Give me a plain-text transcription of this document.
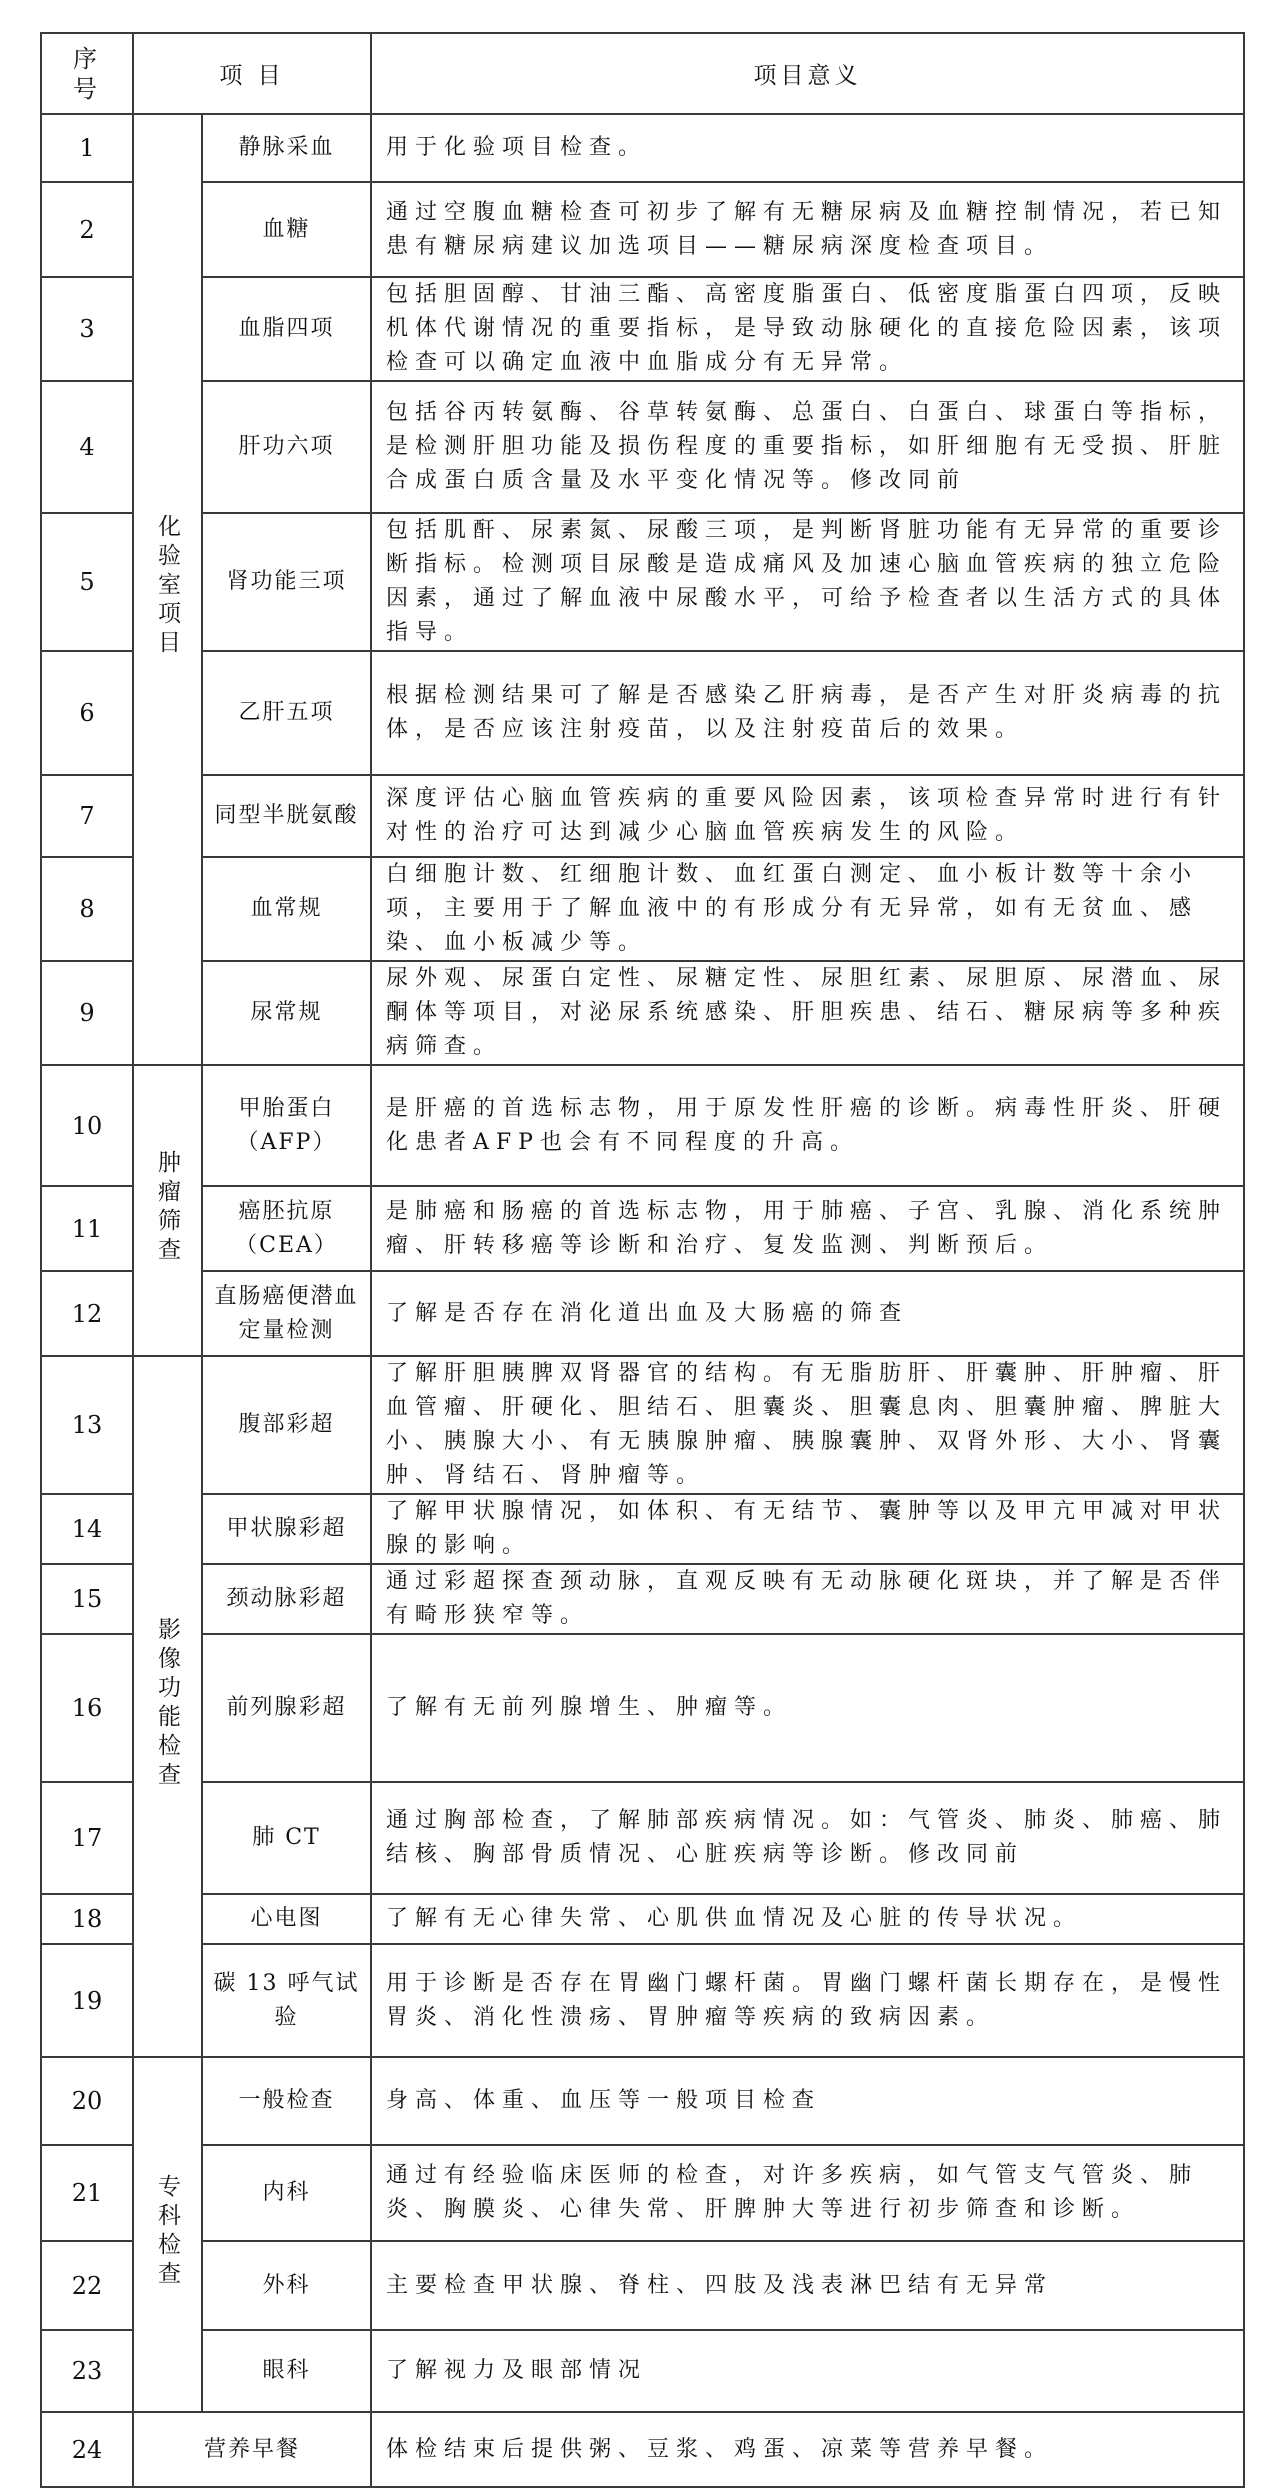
序
号	项 目		项目意义
1	化验室项目	静脉采血	用于化验项目检查。
2		血糖	通过空腹血糖检查可初步了解有无糖尿病及血糖控制情况，若已知患有糖尿病建议加选项目——糖尿病深度检查项目。
3		血脂四项	包括胆固醇、甘油三酯、高密度脂蛋白、低密度脂蛋白四项，反映机体代谢情况的重要指标，是导致动脉硬化的直接危险因素，该项检查可以确定血液中血脂成分有无异常。
4		肝功六项	包括谷丙转氨酶、谷草转氨酶、总蛋白、白蛋白、球蛋白等指标，是检测肝胆功能及损伤程度的重要指标，如肝细胞有无受损、肝脏合成蛋白质含量及水平变化情况等。修改同前
5		肾功能三项	包括肌酐、尿素氮、尿酸三项，是判断肾脏功能有无异常的重要诊断指标。检测项目尿酸是造成痛风及加速心脑血管疾病的独立危险因素，通过了解血液中尿酸水平，可给予检查者以生活方式的具体指导。
6		乙肝五项	根据检测结果可了解是否感染乙肝病毒，是否产生对肝炎病毒的抗体，是否应该注射疫苗，以及注射疫苗后的效果。
7		同型半胱氨酸	深度评估心脑血管疾病的重要风险因素，该项检查异常时进行有针对性的治疗可达到减少心脑血管疾病发生的风险。
8		血常规	白细胞计数、红细胞计数、血红蛋白测定、血小板计数等十余小项，主要用于了解血液中的有形成分有无异常，如有无贫血、感染、血小板减少等。
9		尿常规	尿外观、尿蛋白定性、尿糖定性、尿胆红素、尿胆原、尿潜血、尿酮体等项目，对泌尿系统感染、肝胆疾患、结石、糖尿病等多种疾病筛查。
10	肿瘤筛查	甲胎蛋白（AFP）	是肝癌的首选标志物，用于原发性肝癌的诊断。病毒性肝炎、肝硬化患者AFP也会有不同程度的升高。
11		癌胚抗原（CEA）	是肺癌和肠癌的首选标志物，用于肺癌、子宫、乳腺、消化系统肿瘤、肝转移癌等诊断和治疗、复发监测、判断预后。
12		直肠癌便潜血定量检测	了解是否存在消化道出血及大肠癌的筛查
13	影像功能检查	腹部彩超	了解肝胆胰脾双肾器官的结构。有无脂肪肝、肝囊肿、肝肿瘤、肝血管瘤、肝硬化、胆结石、胆囊炎、胆囊息肉、胆囊肿瘤、脾脏大小、胰腺大小、有无胰腺肿瘤、胰腺囊肿、双肾外形、大小、肾囊肿、肾结石、肾肿瘤等。
14		甲状腺彩超	了解甲状腺情况，如体积、有无结节、囊肿等以及甲亢甲减对甲状腺的影响。
15		颈动脉彩超	通过彩超探查颈动脉，直观反映有无动脉硬化斑块，并了解是否伴有畸形狭窄等。
16		前列腺彩超	了解有无前列腺增生、肿瘤等。
17		肺 CT	通过胸部检查，了解肺部疾病情况。如：气管炎、肺炎、肺癌、肺结核、胸部骨质情况、心脏疾病等诊断。修改同前
18		心电图	了解有无心律失常、心肌供血情况及心脏的传导状况。
19		碳 13 呼气试验	用于诊断是否存在胃幽门螺杆菌。胃幽门螺杆菌长期存在，是慢性胃炎、消化性溃疡、胃肿瘤等疾病的致病因素。
20	专科检查	一般检查	身高、体重、血压等一般项目检查
21		内科	通过有经验临床医师的检查，对许多疾病，如气管支气管炎、肺炎、胸膜炎、心律失常、肝脾肿大等进行初步筛查和诊断。
22		外科	主要检查甲状腺、脊柱、四肢及浅表淋巴结有无异常
23		眼科	了解视力及眼部情况
24	营养早餐		体检结束后提供粥、豆浆、鸡蛋、凉菜等营养早餐。
